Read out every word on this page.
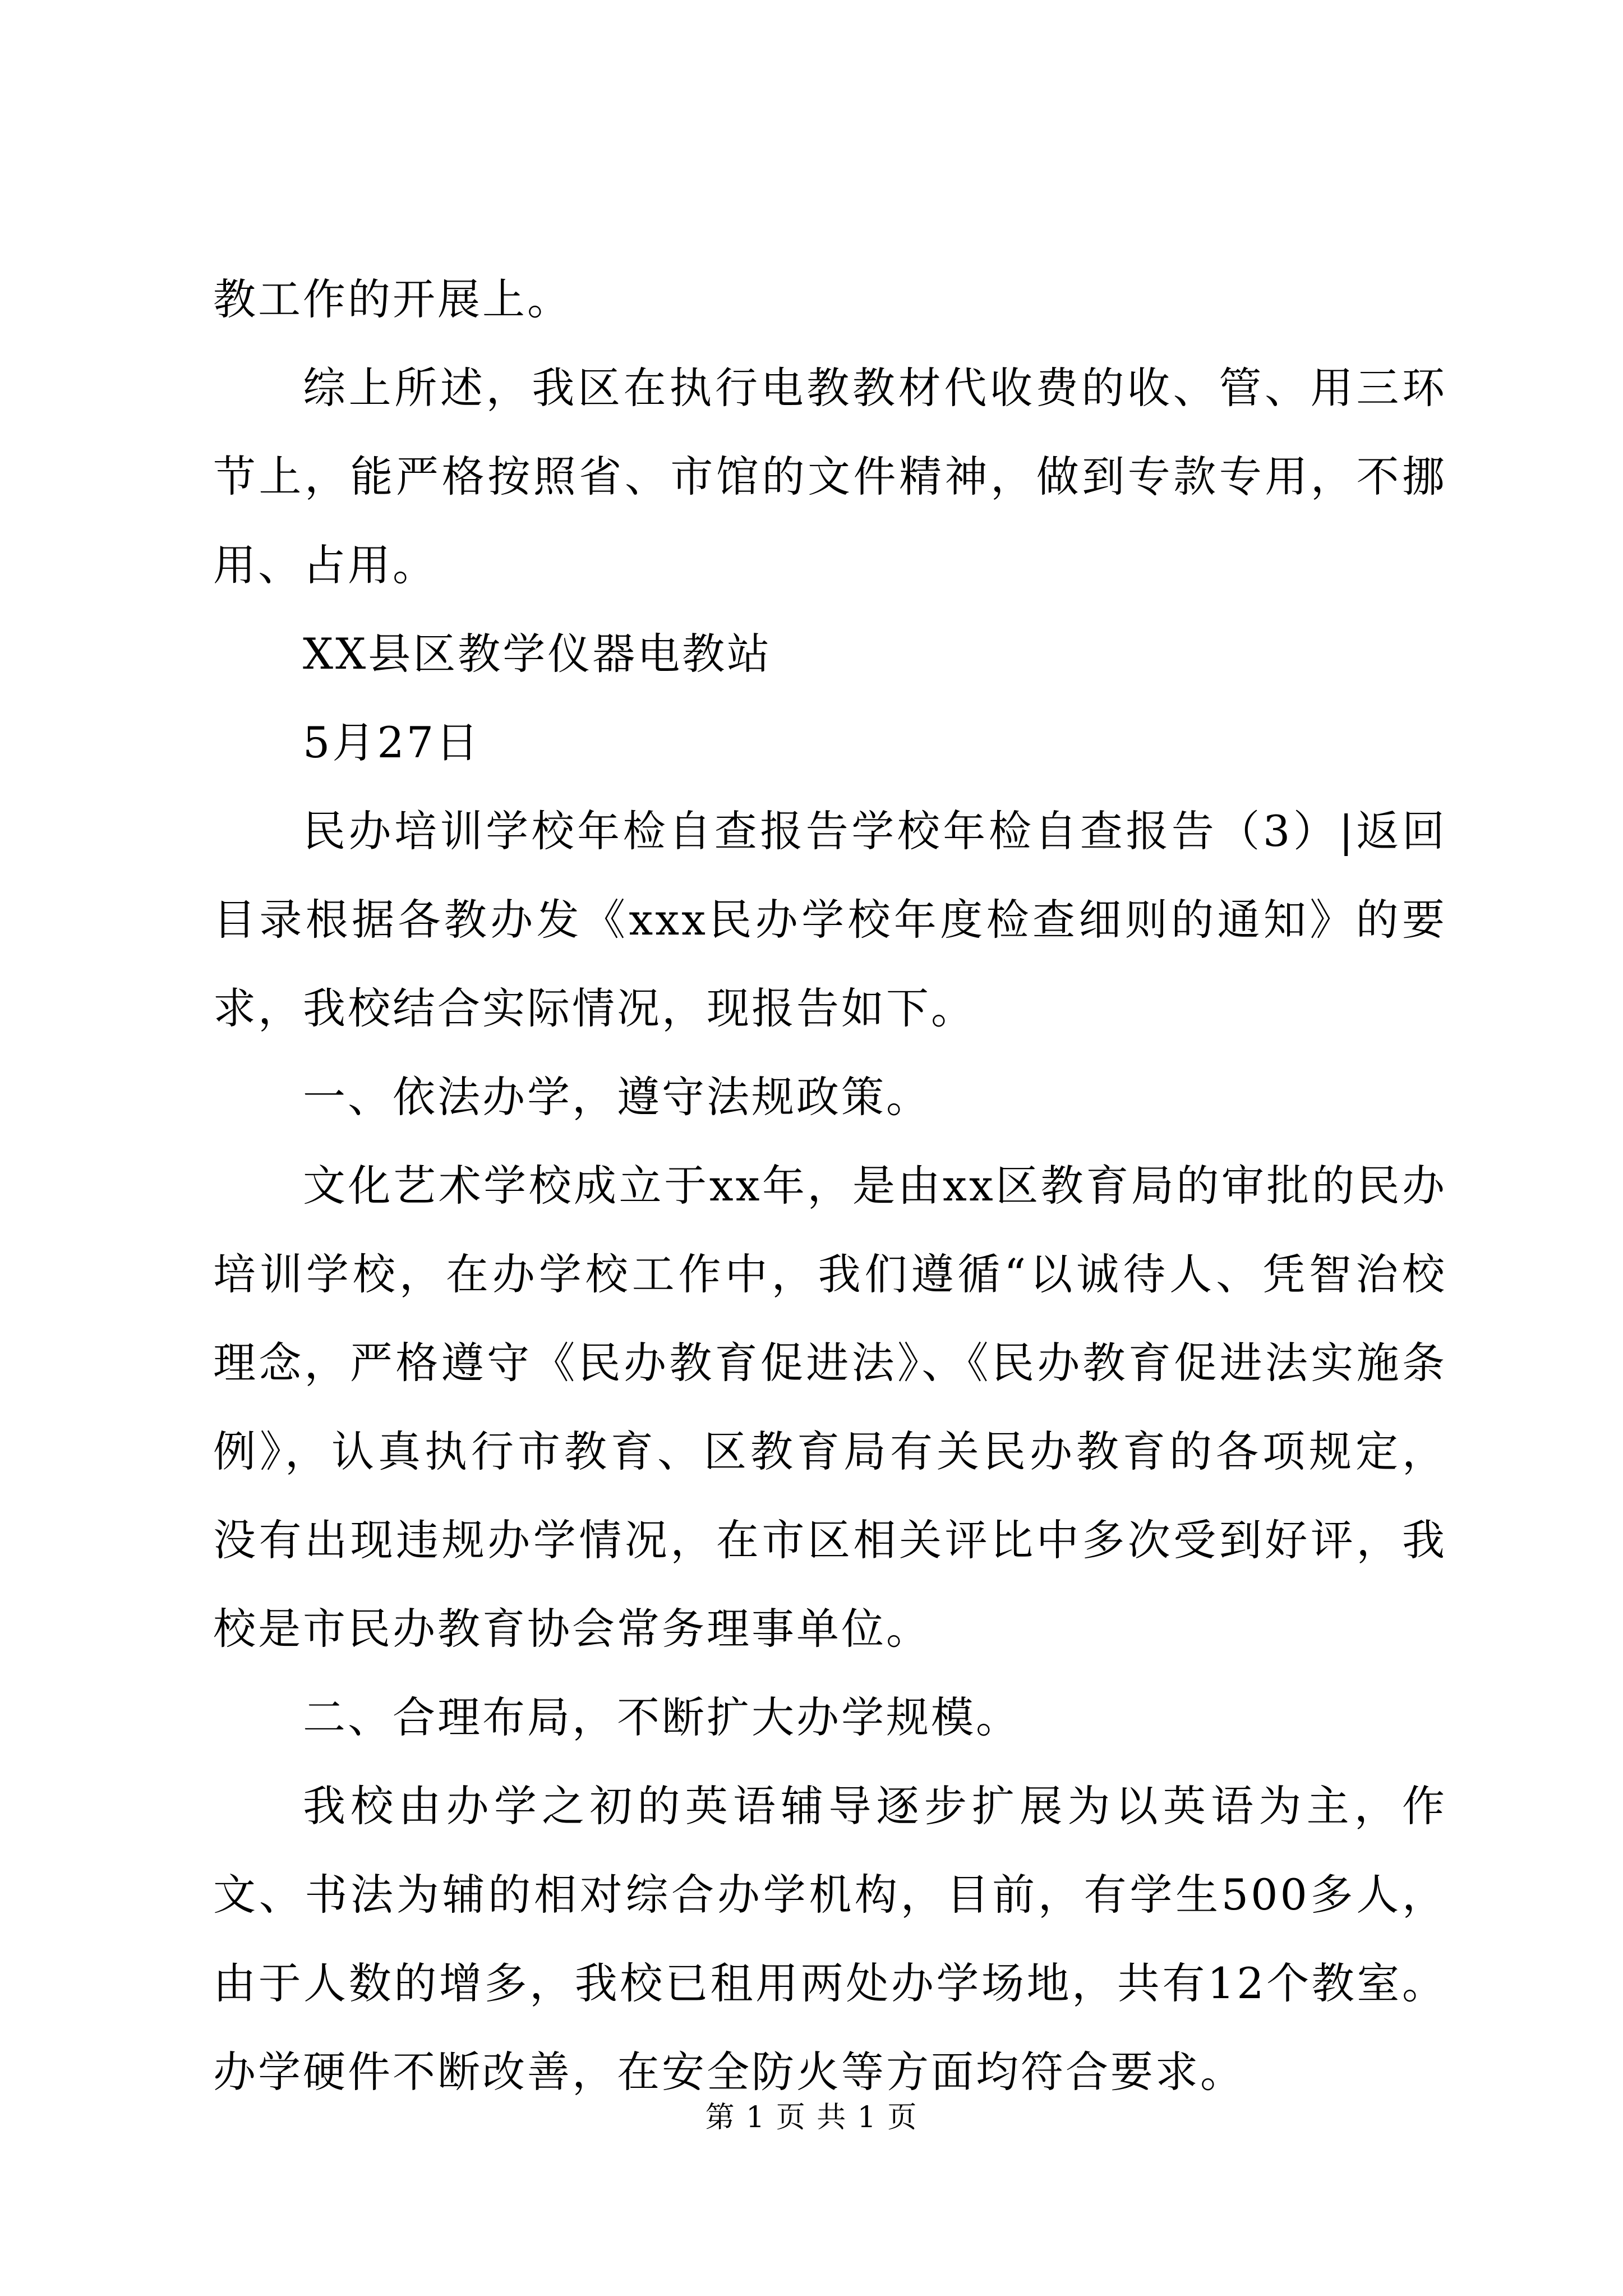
教工作的开展上。

综上所述，我区在执行电教教材代收费的收、管、用三环节上，能严格按照省、市馆的文件精神，做到专款专用，不挪用、占用。

XX县区教学仪器电教站

5月27日

民办培训学校年检自查报告学校年检自查报告（3）|返回目录根据各教办发《xxx民办学校年度检查细则的通知》的要求，我校结合实际情况，现报告如下。

一、依法办学，遵守法规政策。

文化艺术学校成立于xx年，是由xx区教育局的审批的民办培训学校，在办学校工作中，我们遵循“以诚待人、凭智治校理念，严格遵守《民办教育促进法》、《民办教育促进法实施条例》，认真执行市教育、区教育局有关民办教育的各项规定，没有出现违规办学情况，在市区相关评比中多次受到好评，我校是市民办教育协会常务理事单位。

二、合理布局，不断扩大办学规模。

我校由办学之初的英语辅导逐步扩展为以英语为主，作文、书法为辅的相对综合办学机构，目前，有学生500多人，由于人数的增多，我校已租用两处办学场地，共有12个教室。办学硬件不断改善，在安全防火等方面均符合要求。

第 1 页 共 1 页
